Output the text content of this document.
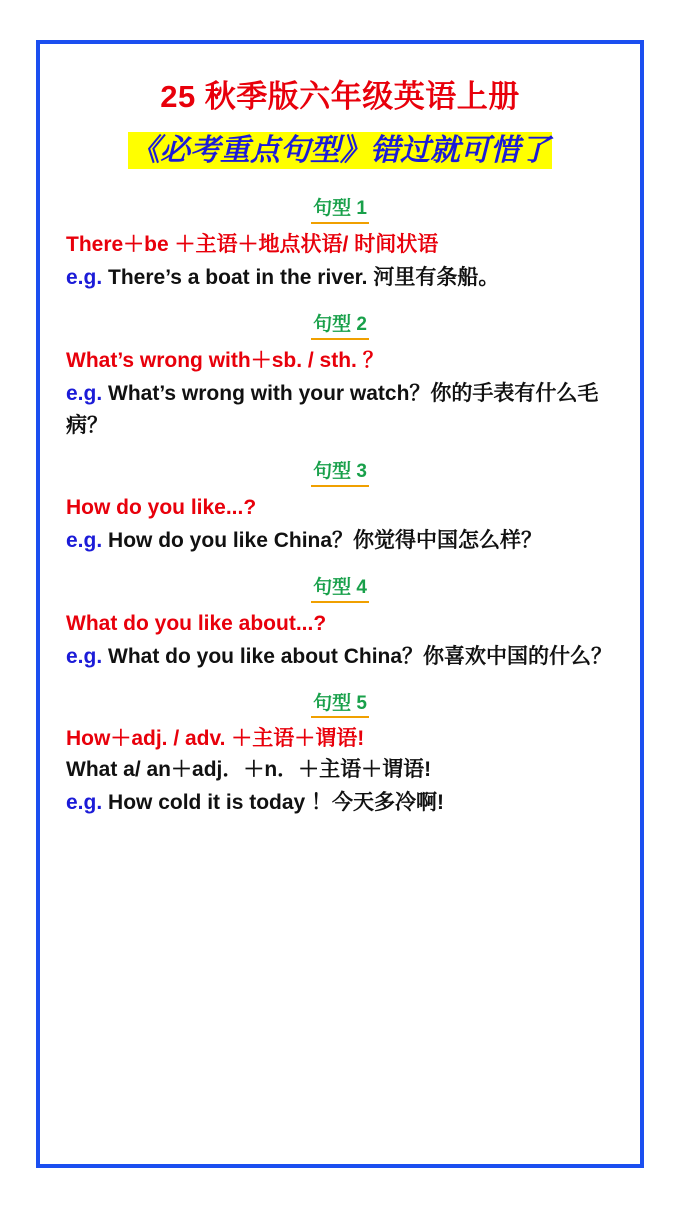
25 秋季版六年级英语上册
《必考重点句型》错过就可惜了
句型 1
There＋be ＋主语＋地点状语/ 时间状语
e.g. There’s a boat in the river. 河里有条船。
句型 2
What’s wrong with＋sb. / sth. ？
e.g. What’s wrong with your watch？你的手表有什么毛病？
句型 3
How do you like...?
e.g. How do you like China？你觉得中国怎么样？
句型 4
What do you like about...?
e.g. What do you like about China？你喜欢中国的什么？
句型 5
How＋adj. / adv. ＋主语＋谓语!
What a/ an＋adj．＋n．＋主语＋谓语!
e.g. How cold it is today ！今天多冷啊!
